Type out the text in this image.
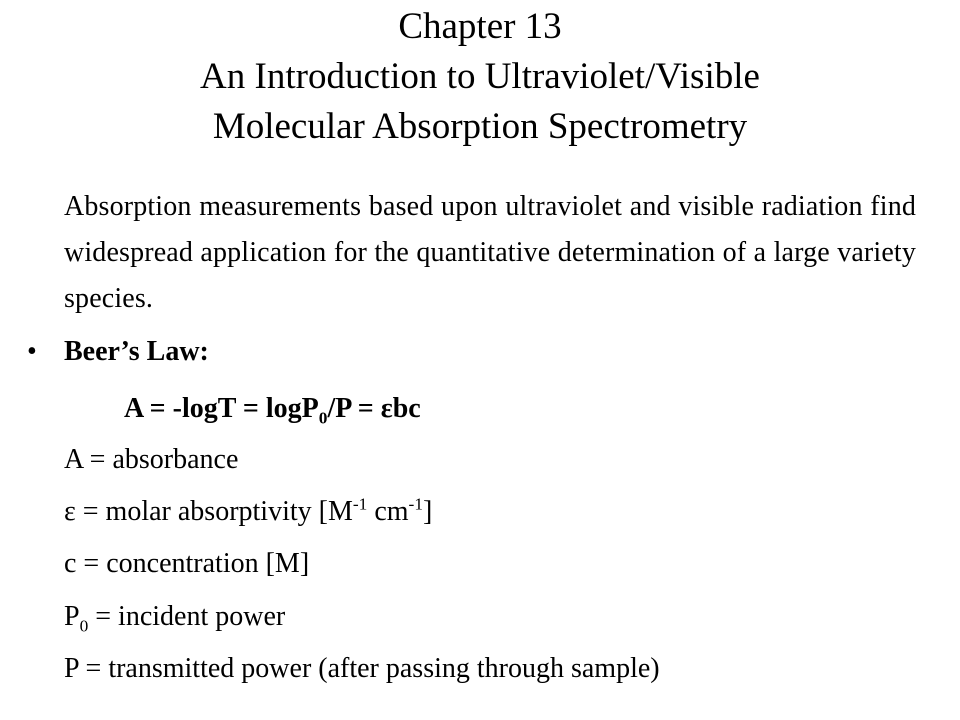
Chapter 13
An Introduction to Ultraviolet/Visible
Molecular Absorption Spectrometry
Absorption measurements based upon ultraviolet and visible radiation find widespread application for the quantitative determination of a large variety species.
• Beer’s Law:
A = -logT = logP$_0$/P = εbc
A = absorbance
ε = molar absorptivity [$M^{-1}$ $cm^{-1}$]
c = concentration [M]
$P_0$ = incident power
P = transmitted power (after passing through sample)
